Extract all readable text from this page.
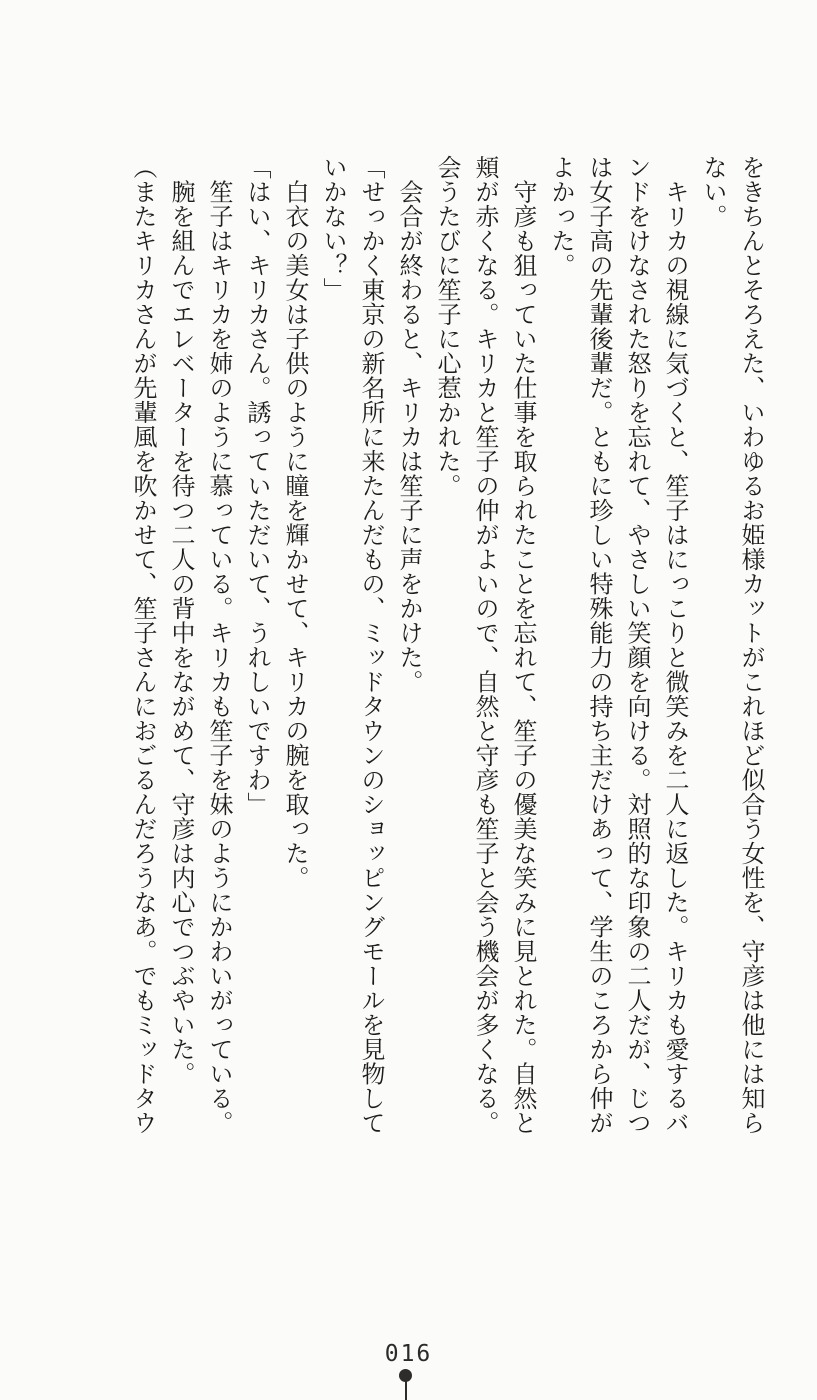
をきちんとそろえた、いわゆるお姫様カットがこれほど似合う女性を、守彦は他には知ら
ない。
　キリカの視線に気づくと、笙子はにっこりと微笑みを二人に返した。キリカも愛するバ
ンドをけなされた怒りを忘れて、やさしい笑顔を向ける。対照的な印象の二人だが、じつ
は女子高の先輩後輩だ。ともに珍しい特殊能力の持ち主だけあって、学生のころから仲が
よかった。
　守彦も狙っていた仕事を取られたことを忘れて、笙子の優美な笑みに見とれた。自然と
頬が赤くなる。キリカと笙子の仲がよいので、自然と守彦も笙子と会う機会が多くなる。
会うたびに笙子に心惹かれた。
　会合が終わると、キリカは笙子に声をかけた。
「せっかく東京の新名所に来たんだもの、ミッドタウンのショッピングモールを見物して
いかない？」
　白衣の美女は子供のように瞳を輝かせて、キリカの腕を取った。
「はい、キリカさん。誘っていただいて、うれしいですわ」
　笙子はキリカを姉のように慕っている。キリカも笙子を妹のようにかわいがっている。
　腕を組んでエレベーターを待つ二人の背中をながめて、守彦は内心でつぶやいた。
（またキリカさんが先輩風を吹かせて、笙子さんにおごるんだろうなあ。でもミッドタウ
016
